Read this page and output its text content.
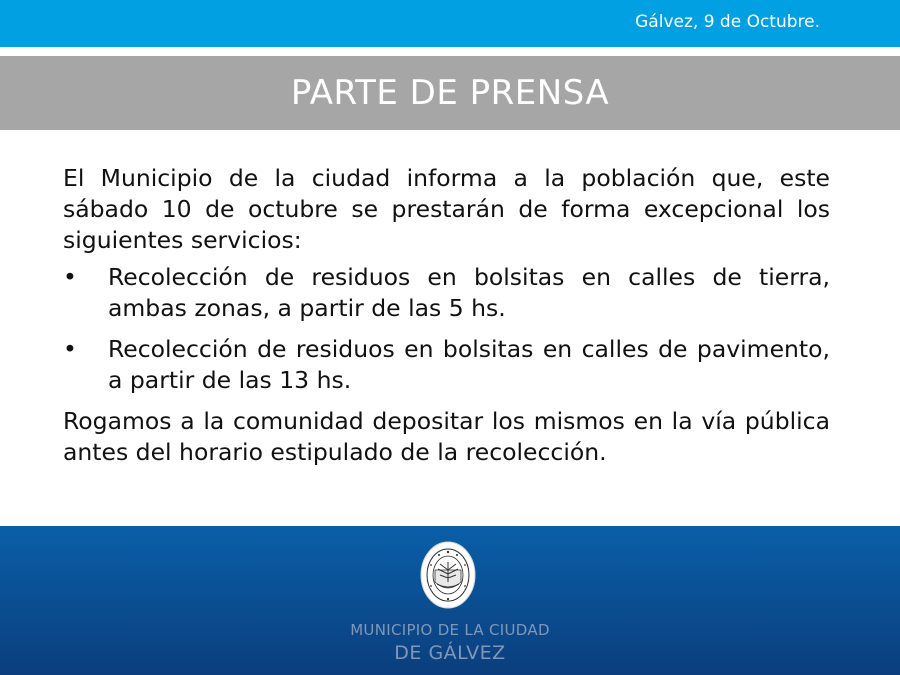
Gálvez, 9 de Octubre.
PARTE DE PRENSA

El Municipio de la ciudad informa a la población que, este sábado 10 de octubre se prestarán de forma excepcional los siguientes servicios:

• Recolección de residuos en bolsitas en calles de tierra, ambas zonas, a partir de las 5 hs.
• Recolección de residuos en bolsitas en calles de pavimento, a partir de las 13 hs.

Rogamos a la comunidad depositar los mismos en la vía pública antes del horario estipulado de la recolección.

MUNICIPIO DE LA CIUDAD
DE GÁLVEZ
